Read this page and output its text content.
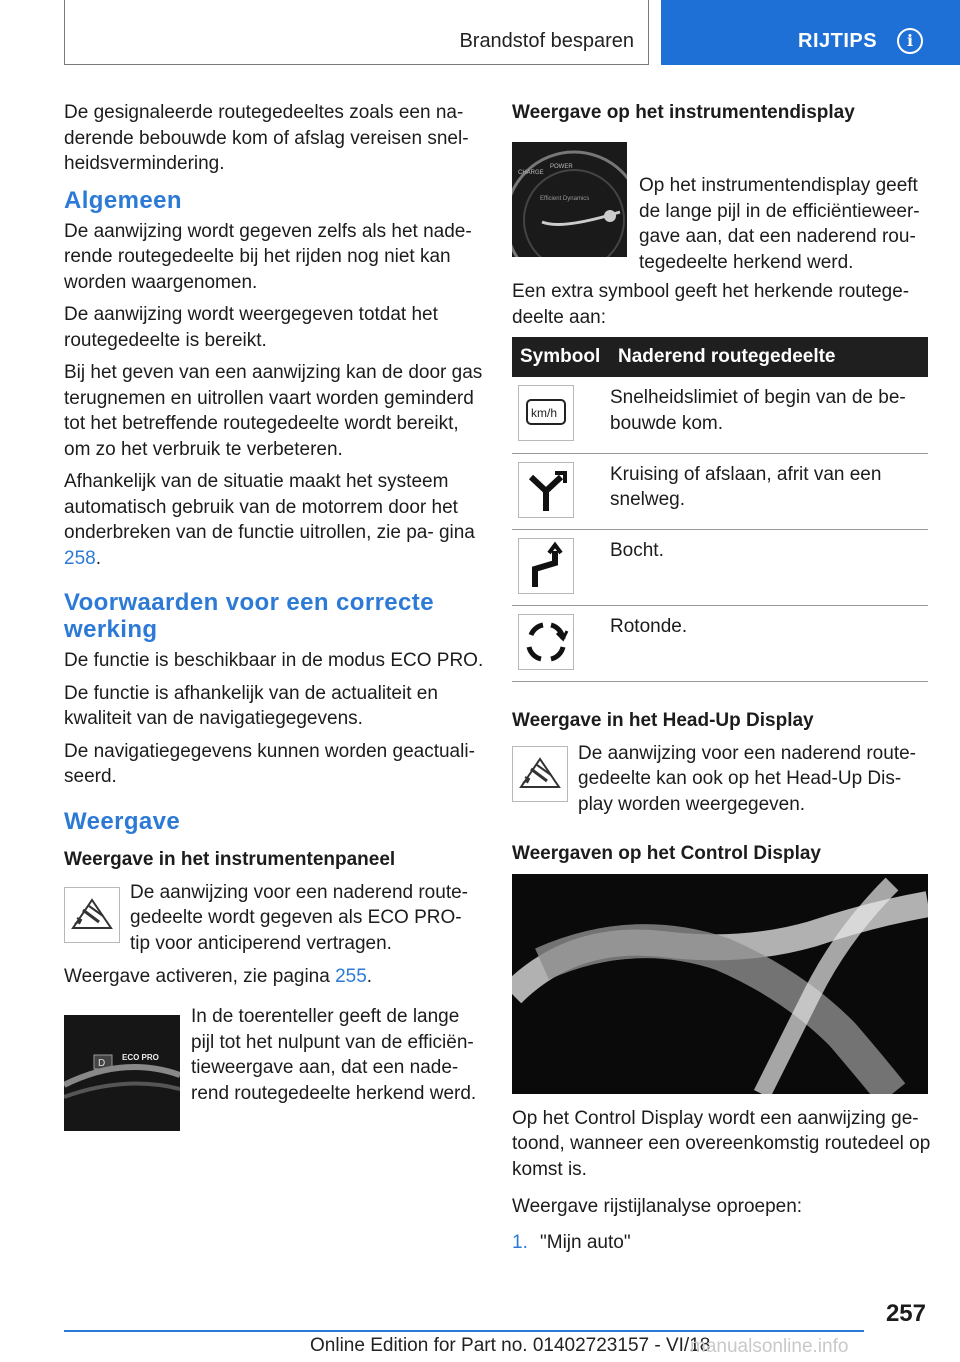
Brandstof besparen	RIJTIPS	i

De gesignaleerde routegedeeltes zoals een na- derende bebouwde kom of afslag vereisen snel- heidsvermindering.

Algemeen

De aanwijzing wordt gegeven zelfs als het nade- rende routegedeelte bij het rijden nog niet kan worden waargenomen.

De aanwijzing wordt weergegeven totdat het routegedeelte is bereikt.

Bij het geven van een aanwijzing kan de door gas terugnemen en uitrollen vaart worden geminderd tot het betreffende routegedeelte wordt bereikt, om zo het verbruik te verbeteren.

Afhankelijk van de situatie maakt het systeem automatisch gebruik van de motorrem door het onderbreken van de functie uitrollen, zie pa- gina 258.

Voorwaarden voor een correcte werking

De functie is beschikbaar in de modus ECO PRO.

De functie is afhankelijk van de actualiteit en kwaliteit van de navigatiegegevens.

De navigatiegegevens kunnen worden geactuali- seerd.

Weergave
Weergave in het instrumentenpaneel

De aanwijzing voor een naderend route- gedeelte wordt gegeven als ECO PRO- tip voor anticiperend vertragen.

Weergave activeren, zie pagina 255.

D
ECO PRO

In de toerenteller geeft de lange pijl tot het nulpunt van de efficiën- tieweergave aan, dat een nade- rend routegedeelte herkend werd.

Weergave op het instrumentendisplay
CHARGE
POWER
Efficient Dynamics

Op het instrumentendisplay geeft de lange pijl in de efficiëntieweer- gave aan, dat een naderend rou- tegedeelte herkend werd.

Een extra symbool geeft het herkende routege- deelte aan:

Symbool	Naderend routegedeelte

km/h	Snelheidslimiet of begin van de be- bouwde kom.

	Kruising of afslaan, afrit van een snelweg.

	Bocht.

	Rotonde.
Weergave in het Head-Up Display

De aanwijzing voor een naderend route- gedeelte kan ook op het Head-Up Dis- play worden weergegeven.

Weergaven op het Control Display

Op het Control Display wordt een aanwijzing ge- toond, wanneer een overeenkomstig routedeel op komst is.

Weergave rijstijlanalyse oproepen:

1. "Mijn auto"
257
Online Edition for Part no. 01402723157 - VI/18
manualsonline.info
